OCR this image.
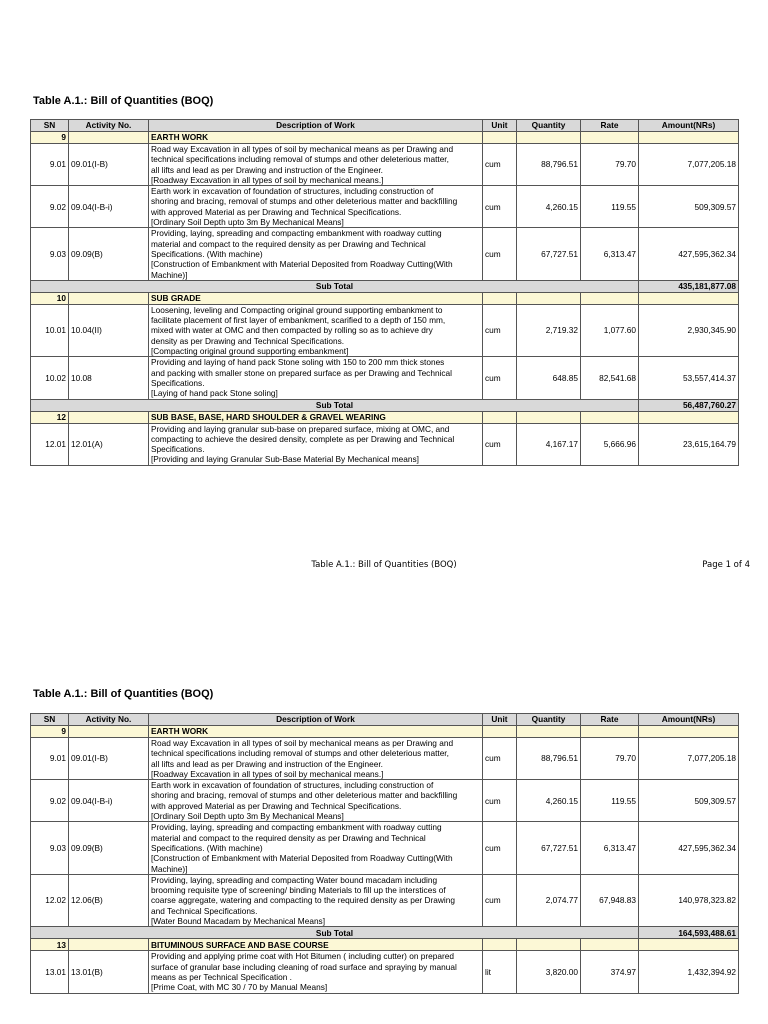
Table A.1.: Bill of Quantities (BOQ)
SN	Activity No.	Description of Work	Unit	Quantity	Rate	Amount(NRs)
9		EARTH WORK				
9.01	09.01(I-B)	Road way Excavation in all types of soil by mechanical means as per Drawing and
technical specifications including removal of stumps and other deleterious matter,
all lifts and lead as per Drawing and instruction of the Engineer.
[Roadway Excavation in all types of soil by mechanical means.]	cum	88,796.51	79.70	7,077,205.18
9.02	09.04(I-B-i)	Earth work in excavation of foundation of structures, including construction of
shoring and bracing, removal of stumps and other deleterious matter and backfilling
with approved Material as per Drawing and Technical Specifications.
[Ordinary Soil Depth upto 3m By Mechanical Means]	cum	4,260.15	119.55	509,309.57
9.03	09.09(B)	Providing, laying, spreading and compacting embankment with roadway cutting
material and compact to the required density as per Drawing and Technical
Specifications. (With machine)
[Construction of Embankment with Material Deposited from Roadway Cutting(With
Machine)]	cum	67,727.51	6,313.47	427,595,362.34
Sub Total						435,181,877.08
10		SUB GRADE				
10.01	10.04(II)	Loosening, leveling and Compacting original ground supporting embankment to
facilitate placement of first layer of embankment, scarified to a depth of 150 mm,
mixed with water at OMC and then compacted by rolling so as to achieve dry
density as per Drawing and Technical Specifications.
[Compacting original ground supporting embankment]	cum	2,719.32	1,077.60	2,930,345.90
10.02	10.08	Providing and laying of hand pack Stone soling with 150 to 200 mm thick stones
and packing with smaller stone on prepared surface as per Drawing and Technical
Specifications.
[Laying of hand pack Stone soling]	cum	648.85	82,541.68	53,557,414.37
Sub Total						56,487,760.27
12		SUB BASE, BASE, HARD SHOULDER & GRAVEL WEARING				
12.01	12.01(A)	Providing and laying granular sub-base on prepared surface, mixing at OMC, and
compacting to achieve the desired density, complete as per Drawing and Technical
Specifications.
[Providing and laying Granular Sub-Base Material By Mechanical means]	cum	4,167.17	5,666.96	23,615,164.79
Table A.1.: Bill of Quantities (BOQ)	Page 1 of 4
Table A.1.: Bill of Quantities (BOQ)
SN	Activity No.	Description of Work	Unit	Quantity	Rate	Amount(NRs)
9		EARTH WORK				
9.01	09.01(I-B)	Road way Excavation in all types of soil by mechanical means as per Drawing and
technical specifications including removal of stumps and other deleterious matter,
all lifts and lead as per Drawing and instruction of the Engineer.
[Roadway Excavation in all types of soil by mechanical means.]	cum	88,796.51	79.70	7,077,205.18
9.02	09.04(I-B-i)	Earth work in excavation of foundation of structures, including construction of
shoring and bracing, removal of stumps and other deleterious matter and backfilling
with approved Material as per Drawing and Technical Specifications.
[Ordinary Soil Depth upto 3m By Mechanical Means]	cum	4,260.15	119.55	509,309.57
9.03	09.09(B)	Providing, laying, spreading and compacting embankment with roadway cutting
material and compact to the required density as per Drawing and Technical
Specifications. (With machine)
[Construction of Embankment with Material Deposited from Roadway Cutting(With
Machine)]	cum	67,727.51	6,313.47	427,595,362.34
12.02	12.06(B)	Providing, laying, spreading and compacting Water bound macadam including
brooming requisite type of screening/ binding Materials to fill up the interstices of
coarse aggregate, watering and compacting to the required density as per Drawing
and Technical Specifications.
[Water Bound Macadam by Mechanical Means]	cum	2,074.77	67,948.83	140,978,323.82
Sub Total						164,593,488.61
13		BITUMINOUS SURFACE AND BASE COURSE				
13.01	13.01(B)	Providing and applying prime coat with Hot Bitumen ( including cutter) on prepared
surface of granular base including cleaning of road surface and spraying by manual
means as per Technical Specification .
[Prime Coat, with MC 30 / 70 by Manual Means]	lit	3,820.00	374.97	1,432,394.92
